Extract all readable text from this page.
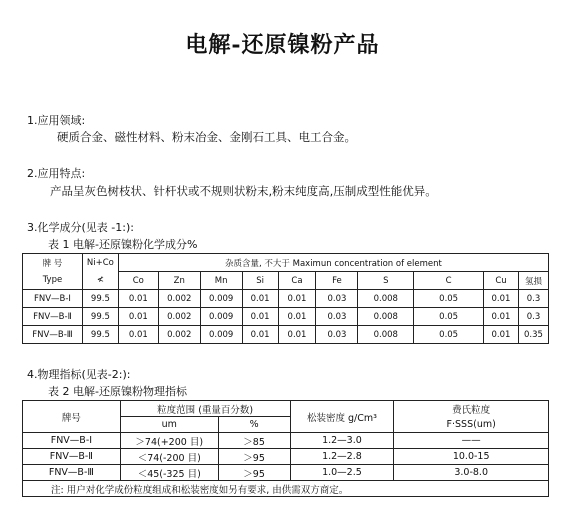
电解-还原镍粉产品
1.应用领域:
硬质合金、磁性材料、粉末冶金、金刚石工具、电工合金。
2.应用特点:
产品呈灰色树枝状、针杆状或不规则状粉末,粉末纯度高,压制成型性能优异。
3.化学成分(见表 -1:):
表 1 电解-还原镍粉化学成分%
牌 号	Ni+Co	杂质含量, 不大于 Maximun concentration of element									
Type	≮	Co	Zn	Mn	Si	Ca	Fe	S	C	Cu	氢损
FNV—B-Ⅰ	99.5	0.01	0.002	0.009	0.01	0.01	0.03	0.008	0.05	0.01	0.3
FNV—B-Ⅱ	99.5	0.01	0.002	0.009	0.01	0.01	0.03	0.008	0.05	0.01	0.3
FNV—B-Ⅲ	99.5	0.01	0.002	0.009	0.01	0.01	0.03	0.008	0.05	0.01	0.35
4.物理指标(见表-2:):
表 2 电解-还原镍粉物理指标
牌号	粒度范围 (重量百分数)		松装密度 g/Cm³	费氏粒度
	um	%		F·SSS(um)
FNV—B-Ⅰ	＞74(+200 目)	＞85	1.2—3.0	——
FNV—B-Ⅱ	＜74(-200 目)	＞95	1.2—2.8	10.0-15
FNV—B-Ⅲ	＜45(-325 目)	＞95	1.0—2.5	3.0-8.0
注: 用户对化学成份粒度组成和松装密度如另有要求, 由供需双方商定。				
